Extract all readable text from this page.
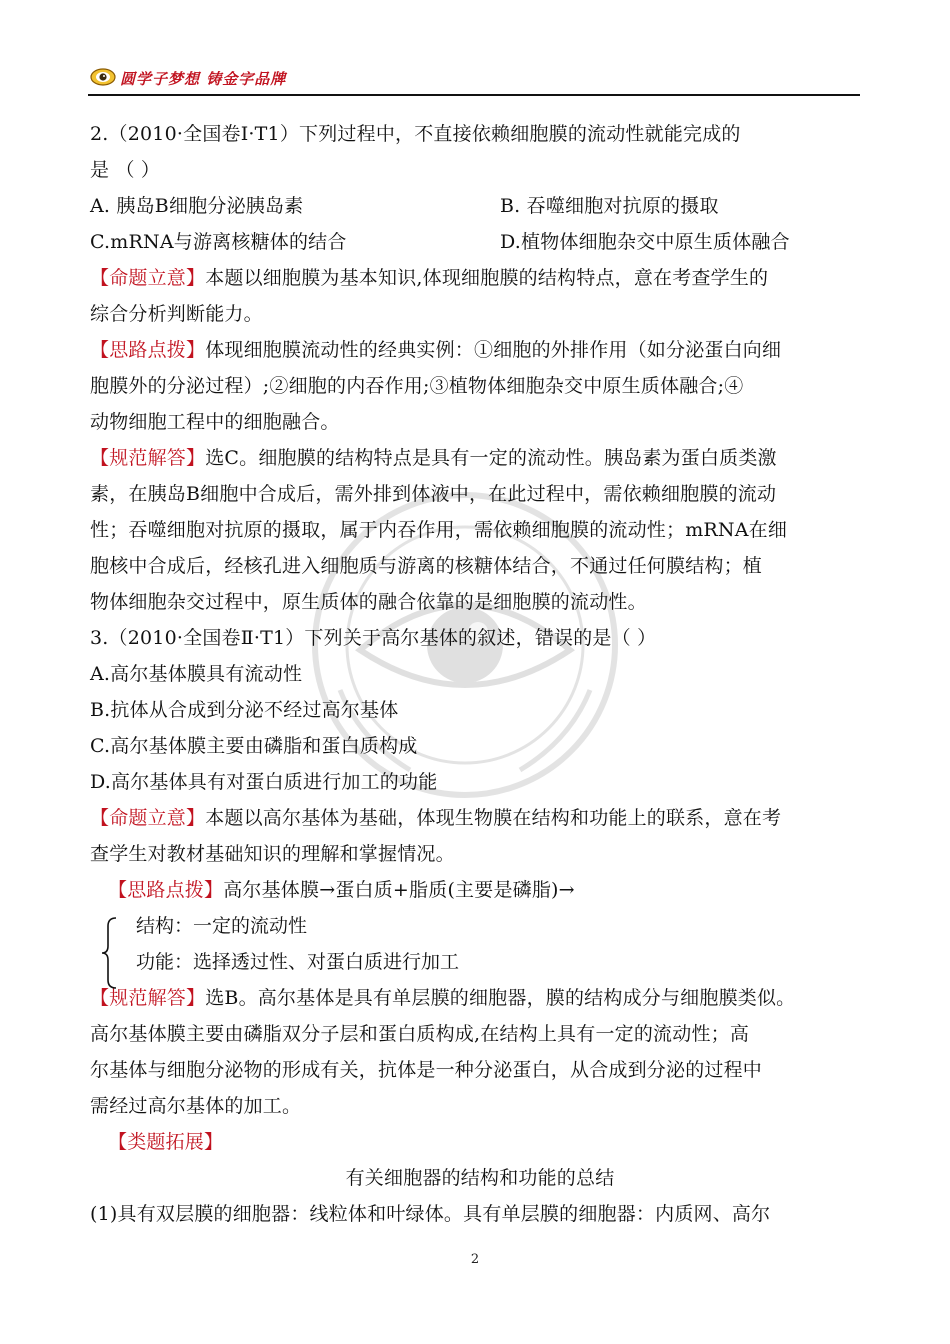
圆学子梦想 铸金字品牌
2.（2010·全国卷Ⅰ·T1）下列过程中，不直接依赖细胞膜的流动性就能完成的
是 （ ）
A. 胰岛B细胞分泌胰岛素	B. 吞噬细胞对抗原的摄取
C.mRNA与游离核糖体的结合	D.植物体细胞杂交中原生质体融合
【命题立意】本题以细胞膜为基本知识,体现细胞膜的结构特点，意在考查学生的
综合分析判断能力。
【思路点拨】体现细胞膜流动性的经典实例：①细胞的外排作用（如分泌蛋白向细
胞膜外的分泌过程）;②细胞的内吞作用;③植物体细胞杂交中原生质体融合;④
动物细胞工程中的细胞融合。
【规范解答】选C。细胞膜的结构特点是具有一定的流动性。胰岛素为蛋白质类激
素，在胰岛B细胞中合成后，需外排到体液中，在此过程中，需依赖细胞膜的流动
性；吞噬细胞对抗原的摄取，属于内吞作用，需依赖细胞膜的流动性；mRNA在细
胞核中合成后，经核孔进入细胞质与游离的核糖体结合，不通过任何膜结构；植
物体细胞杂交过程中，原生质体的融合依靠的是细胞膜的流动性。
3.（2010·全国卷Ⅱ·T1）下列关于高尔基体的叙述，错误的是（ ）
A.高尔基体膜具有流动性
B.抗体从合成到分泌不经过高尔基体
C.高尔基体膜主要由磷脂和蛋白质构成
D.高尔基体具有对蛋白质进行加工的功能
【命题立意】本题以高尔基体为基础，体现生物膜在结构和功能上的联系，意在考
查学生对教材基础知识的理解和掌握情况。
【思路点拨】高尔基体膜→蛋白质+脂质(主要是磷脂)→
结构：一定的流动性
功能：选择透过性、对蛋白质进行加工
【规范解答】选B。高尔基体是具有单层膜的细胞器，膜的结构成分与细胞膜类似。
高尔基体膜主要由磷脂双分子层和蛋白质构成,在结构上具有一定的流动性；高
尔基体与细胞分泌物的形成有关，抗体是一种分泌蛋白，从合成到分泌的过程中
需经过高尔基体的加工。
【类题拓展】
有关细胞器的结构和功能的总结
(1)具有双层膜的细胞器：线粒体和叶绿体。具有单层膜的细胞器：内质网、高尔
2
